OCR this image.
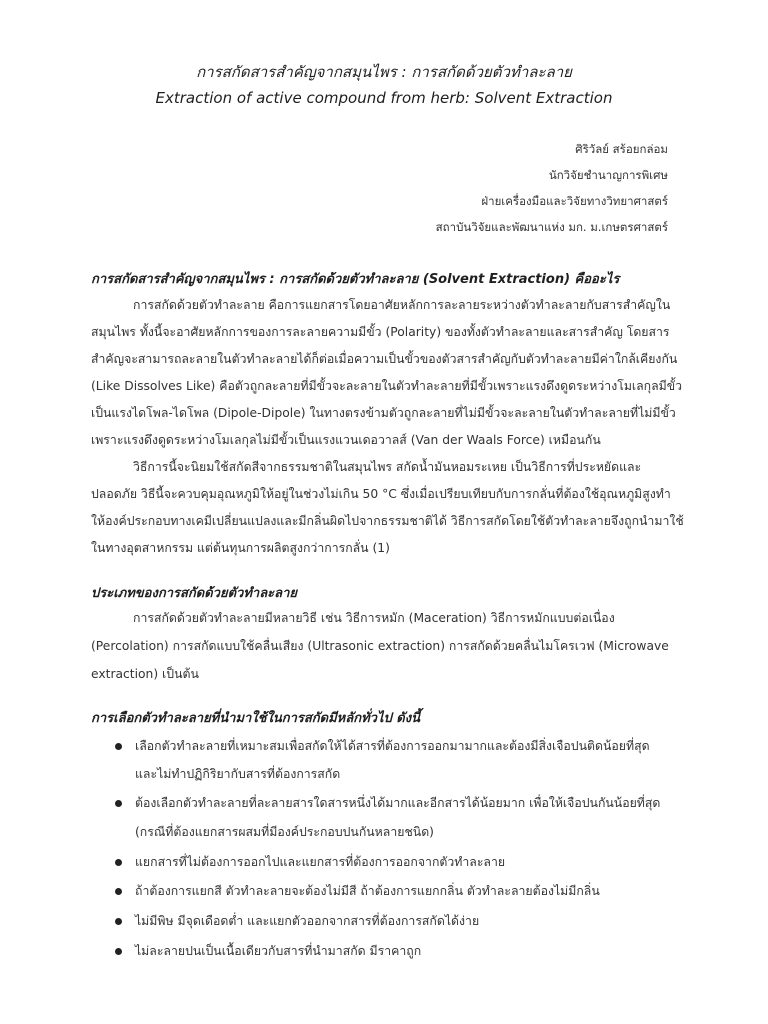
การสกัดสารสำคัญจากสมุนไพร : การสกัดด้วยตัวทำละลาย
Extraction of active compound from herb: Solvent Extraction
ศิริวัลย์ สร้อยกล่อม
นักวิจัยชำนาญการพิเศษ
ฝ่ายเครื่องมือและวิจัยทางวิทยาศาสตร์
สถาบันวิจัยและพัฒนาแห่ง มก. ม.เกษตรศาสตร์
การสกัดสารสำคัญจากสมุนไพร : การสกัดด้วยตัวทำละลาย (Solvent Extraction) คืออะไร
การสกัดด้วยตัวทำละลาย คือการแยกสารโดยอาศัยหลักการละลายระหว่างตัวทำละลายกับสารสำคัญใน
สมุนไพร ทั้งนี้จะอาศัยหลักการของการละลายความมีขั้ว (Polarity) ของทั้งตัวทำละลายและสารสำคัญ โดยสาร
สำคัญจะสามารถละลายในตัวทำละลายได้ก็ต่อเมื่อความเป็นขั้วของตัวสารสำคัญกับตัวทำละลายมีค่าใกล้เคียงกัน
(Like Dissolves Like) คือตัวถูกละลายที่มีขั้วจะละลายในตัวทำละลายที่มีขั้วเพราะแรงดึงดูดระหว่างโมเลกุลมีขั้ว
เป็นแรงไดโพล-ไดโพล (Dipole-Dipole) ในทางตรงข้ามตัวถูกละลายที่ไม่มีขั้วจะละลายในตัวทำละลายที่ไม่มีขั้ว
เพราะแรงดึงดูดระหว่างโมเลกุลไม่มีขั้วเป็นแรงแวนเดอวาลส์ (Van der Waals Force) เหมือนกัน
วิธีการนี้จะนิยมใช้สกัดสีจากธรรมชาติในสมุนไพร สกัดน้ำมันหอมระเหย เป็นวิธีการที่ประหยัดและ
ปลอดภัย วิธีนี้จะควบคุมอุณหภูมิให้อยู่ในช่วงไม่เกิน 50 °C ซึ่งเมื่อเปรียบเทียบกับการกลั่นที่ต้องใช้อุณหภูมิสูงทำ
ให้องค์ประกอบทางเคมีเปลี่ยนแปลงและมีกลิ่นผิดไปจากธรรมชาติได้ วิธีการสกัดโดยใช้ตัวทำละลายจึงถูกนำมาใช้
ในทางอุตสาหกรรม แต่ต้นทุนการผลิตสูงกว่าการกลั่น (1)
ประเภทของการสกัดด้วยตัวทำละลาย
การสกัดด้วยตัวทำละลายมีหลายวิธี เช่น วิธีการหมัก (Maceration) วิธีการหมักแบบต่อเนื่อง
(Percolation) การสกัดแบบใช้คลื่นเสียง (Ultrasonic extraction) การสกัดด้วยคลื่นไมโครเวฟ (Microwave
extraction) เป็นต้น
การเลือกตัวทำละลายที่นำมาใช้ในการสกัดมีหลักทั่วไป ดังนี้
เลือกตัวทำละลายที่เหมาะสมเพื่อสกัดให้ได้สารที่ต้องการออกมามากและต้องมีสิ่งเจือปนติดน้อยที่สุด
และไม่ทำปฏิกิริยากับสารที่ต้องการสกัด
ต้องเลือกตัวทำละลายที่ละลายสารใดสารหนึ่งได้มากและอีกสารได้น้อยมาก เพื่อให้เจือปนกันน้อยที่สุด
(กรณีที่ต้องแยกสารผสมที่มีองค์ประกอบปนกันหลายชนิด)
แยกสารที่ไม่ต้องการออกไปและแยกสารที่ต้องการออกจากตัวทำละลาย
ถ้าต้องการแยกสี ตัวทำละลายจะต้องไม่มีสี ถ้าต้องการแยกกลิ่น ตัวทำละลายต้องไม่มีกลิ่น
ไม่มีพิษ มีจุดเดือดต่ำ และแยกตัวออกจากสารที่ต้องการสกัดได้ง่าย
ไม่ละลายปนเป็นเนื้อเดียวกับสารที่นำมาสกัด มีราคาถูก
